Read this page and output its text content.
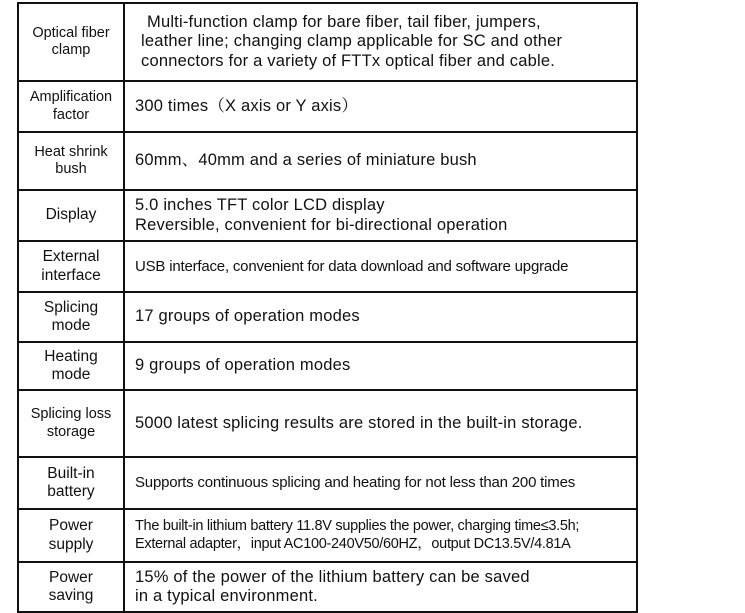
Optical fiber
clamp	Multi-function clamp for bare fiber, tail fiber, jumpers,
leather line; changing clamp applicable for SC and other
connectors for a variety of FTTx optical fiber and cable.

Amplification
factor	300 times（X axis or Y axis）

Heat shrink
bush	60mm、40mm and a series of miniature bush

Display	5.0 inches TFT color LCD display
Reversible, convenient for bi-directional operation

External
interface	USB interface, convenient for data download and software upgrade

Splicing
mode	17 groups of operation modes

Heating
mode	9 groups of operation modes

Splicing loss
storage	5000 latest splicing results are stored in the built-in storage.

Built-in
battery	Supports continuous splicing and heating for not less than 200 times

Power
supply	The built-in lithium battery 11.8V supplies the power, charging time≤3.5h;
External adapter，input AC100-240V50/60HZ，output DC13.5V/4.81A

Power
saving	15% of the power of the lithium battery can be saved
in a typical environment.
